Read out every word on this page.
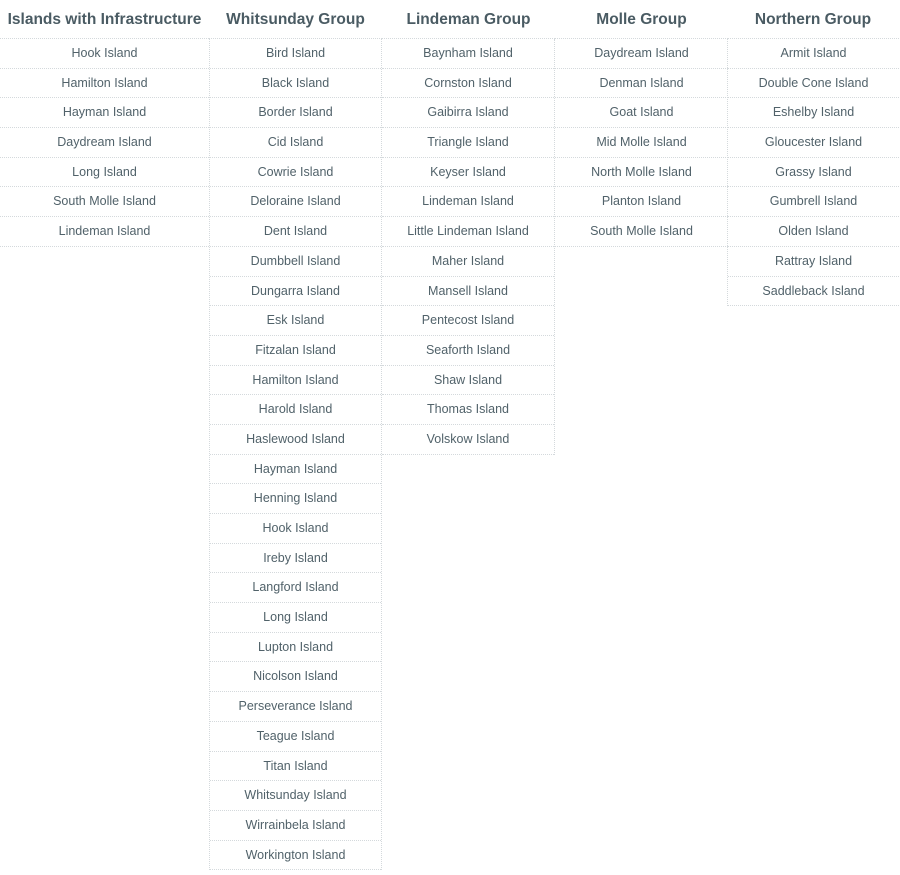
Islands with Infrastructure
Hook Island
Hamilton Island
Hayman Island
Daydream Island
Long Island
South Molle Island
Lindeman Island
Whitsunday Group
Bird Island
Black Island
Border Island
Cid Island
Cowrie Island
Deloraine Island
Dent Island
Dumbbell Island
Dungarra Island
Esk Island
Fitzalan Island
Hamilton Island
Harold Island
Haslewood Island
Hayman Island
Henning Island
Hook Island
Ireby Island
Langford Island
Long Island
Lupton Island
Nicolson Island
Perseverance Island
Teague Island
Titan Island
Whitsunday Island
Wirrainbela Island
Workington Island
Lindeman Group
Baynham Island
Cornston Island
Gaibirra Island
Triangle Island
Keyser Island
Lindeman Island
Little Lindeman Island
Maher Island
Mansell Island
Pentecost Island
Seaforth Island
Shaw Island
Thomas Island
Volskow Island
Molle Group
Daydream Island
Denman Island
Goat Island
Mid Molle Island
North Molle Island
Planton Island
South Molle Island
Northern Group
Armit Island
Double Cone Island
Eshelby Island
Gloucester Island
Grassy Island
Gumbrell Island
Olden Island
Rattray Island
Saddleback Island
